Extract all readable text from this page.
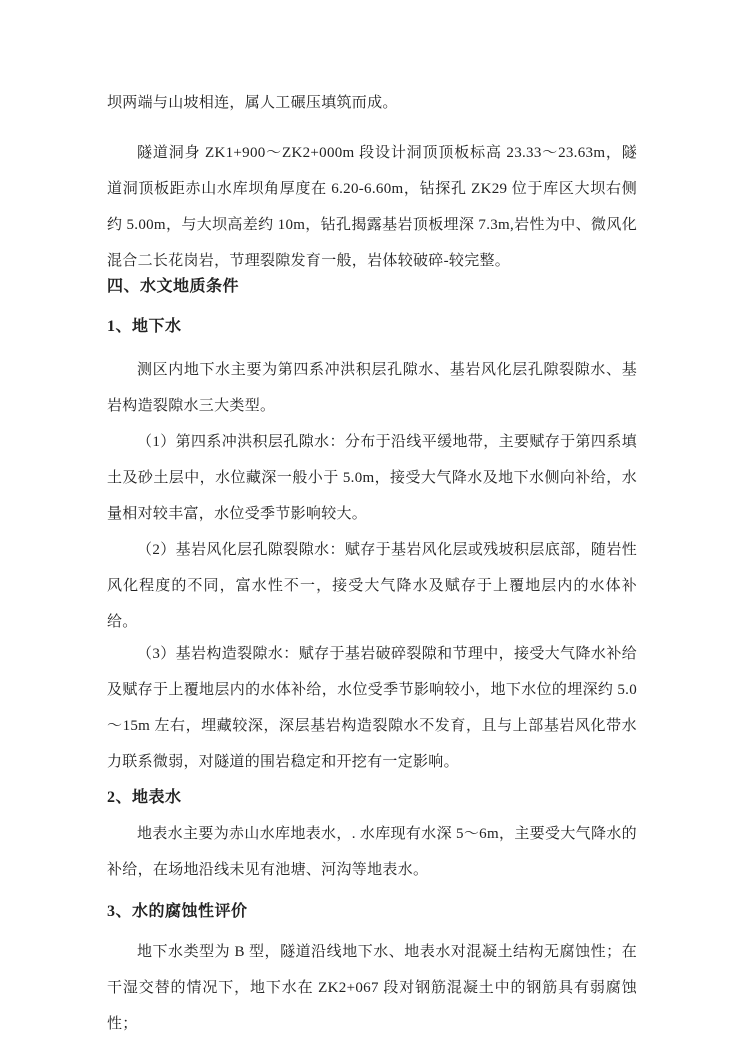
坝两端与山坡相连，属人工碾压填筑而成。

隧道洞身 ZK1+900～ZK2+000m 段设计洞顶顶板标高 23.33～23.63m，隧道洞顶板距赤山水库坝角厚度在 6.20-6.60m，钻探孔 ZK29 位于库区大坝右侧约 5.00m，与大坝高差约 10m，钻孔揭露基岩顶板埋深 7.3m,岩性为中、微风化混合二长花岗岩，节理裂隙发育一般，岩体较破碎-较完整。

四、水文地质条件
1、地下水

测区内地下水主要为第四系冲洪积层孔隙水、基岩风化层孔隙裂隙水、基岩构造裂隙水三大类型。

（1）第四系冲洪积层孔隙水：分布于沿线平缓地带，主要赋存于第四系填土及砂土层中，水位藏深一般小于 5.0m，接受大气降水及地下水侧向补给，水量相对较丰富，水位受季节影响较大。

（2）基岩风化层孔隙裂隙水：赋存于基岩风化层或残坡积层底部，随岩性风化程度的不同，富水性不一，接受大气降水及赋存于上覆地层内的水体补给。

（3）基岩构造裂隙水：赋存于基岩破碎裂隙和节理中，接受大气降水补给及赋存于上覆地层内的水体补给，水位受季节影响较小，地下水位的埋深约 5.0～15m 左右，埋藏较深，深层基岩构造裂隙水不发育，且与上部基岩风化带水力联系微弱，对隧道的围岩稳定和开挖有一定影响。

2、地表水

地表水主要为赤山水库地表水，. 水库现有水深 5～6m，主要受大气降水的补给，在场地沿线未见有池塘、河沟等地表水。

3、水的腐蚀性评价

地下水类型为 B 型，隧道沿线地下水、地表水对混凝土结构无腐蚀性；在干湿交替的情况下，地下水在 ZK2+067 段对钢筋混凝土中的钢筋具有弱腐蚀性；
